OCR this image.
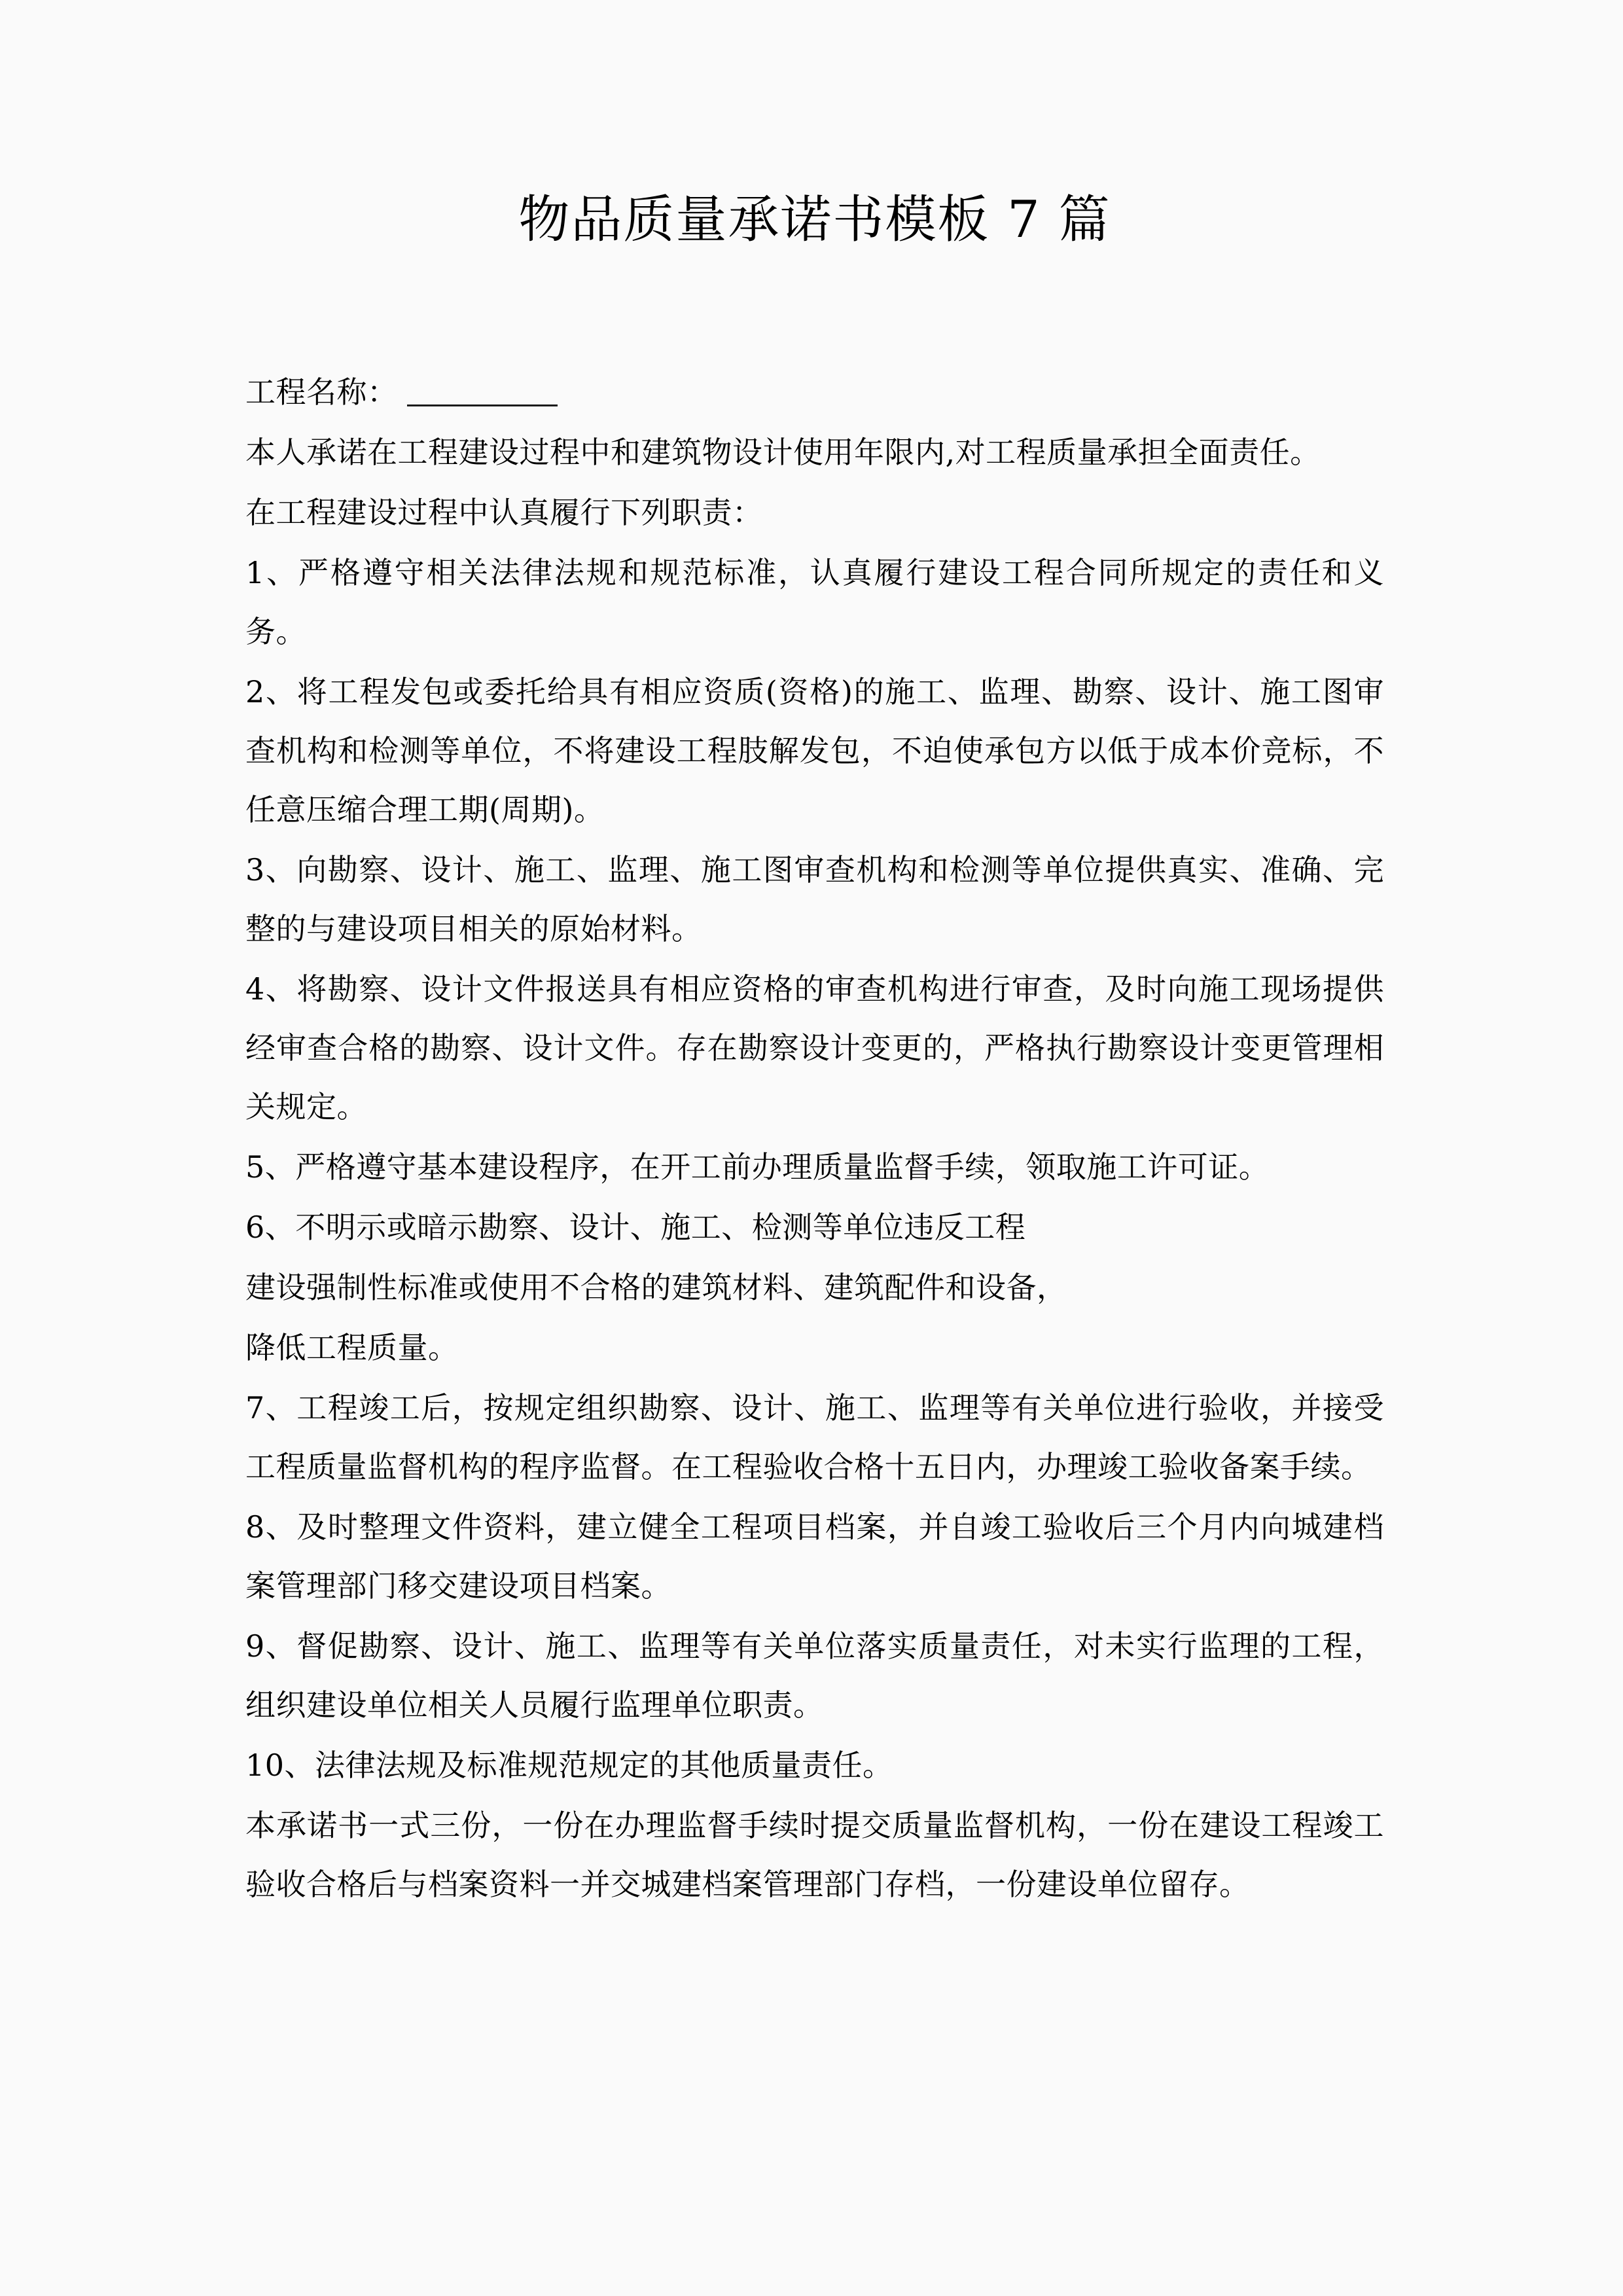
物品质量承诺书模板 7 篇

工程名称：

本人承诺在工程建设过程中和建筑物设计使用年限内,对工程质量承担全面责任。

在工程建设过程中认真履行下列职责：

1、严格遵守相关法律法规和规范标准，认真履行建设工程合同所规定的责任和义务。

2、将工程发包或委托给具有相应资质(资格)的施工、监理、勘察、设计、施工图审查机构和检测等单位，不将建设工程肢解发包，不迫使承包方以低于成本价竞标，不任意压缩合理工期(周期)。

3、向勘察、设计、施工、监理、施工图审查机构和检测等单位提供真实、准确、完整的与建设项目相关的原始材料。

4、将勘察、设计文件报送具有相应资格的审查机构进行审查，及时向施工现场提供经审查合格的勘察、设计文件。存在勘察设计变更的，严格执行勘察设计变更管理相关规定。

5、严格遵守基本建设程序，在开工前办理质量监督手续，领取施工许可证。

6、不明示或暗示勘察、设计、施工、检测等单位违反工程

建设强制性标准或使用不合格的建筑材料、建筑配件和设备，

降低工程质量。

7、工程竣工后，按规定组织勘察、设计、施工、监理等有关单位进行验收，并接受工程质量监督机构的程序监督。在工程验收合格十五日内，办理竣工验收备案手续。

8、及时整理文件资料，建立健全工程项目档案，并自竣工验收后三个月内向城建档案管理部门移交建设项目档案。

9、督促勘察、设计、施工、监理等有关单位落实质量责任，对未实行监理的工程，组织建设单位相关人员履行监理单位职责。

10、法律法规及标准规范规定的其他质量责任。

本承诺书一式三份，一份在办理监督手续时提交质量监督机构，一份在建设工程竣工验收合格后与档案资料一并交城建档案管理部门存档，一份建设单位留存。
